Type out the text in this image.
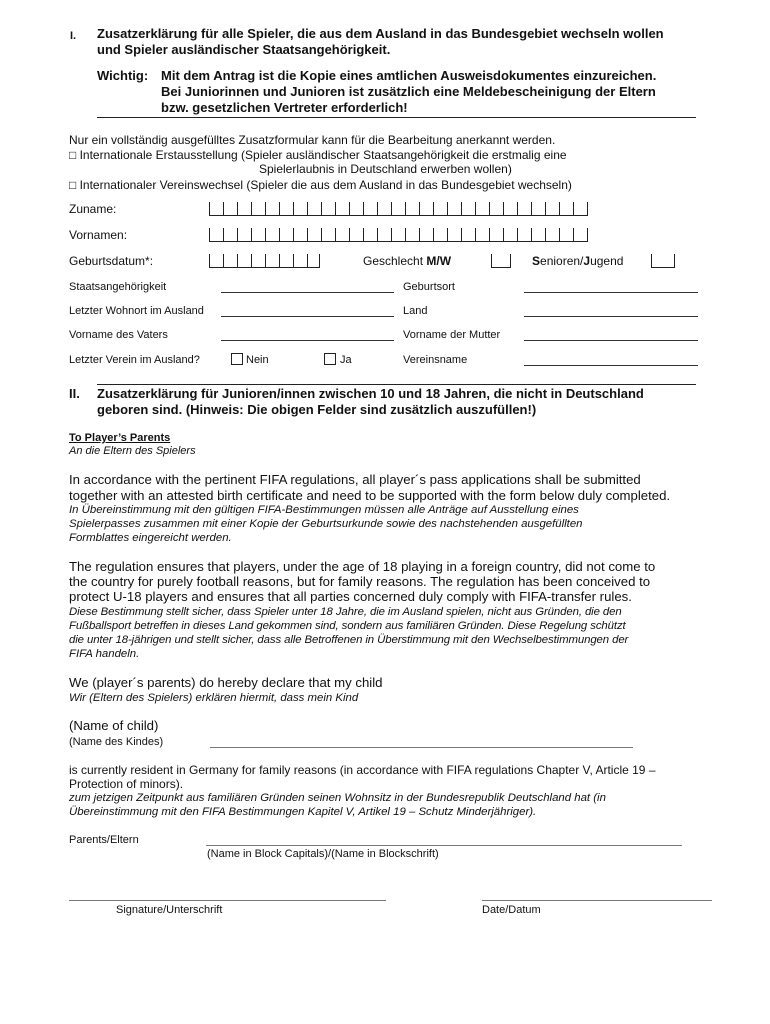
I. Zusatzerklärung für alle Spieler, die aus dem Ausland in das Bundesgebiet wechseln wollen
und Spieler ausländischer Staatsangehörigkeit.
Wichtig: Mit dem Antrag ist die Kopie eines amtlichen Ausweisdokumentes einzureichen.
Bei Juniorinnen und Junioren ist zusätzlich eine Meldebescheinigung der Eltern
bzw. gesetzlichen Vertreter erforderlich!
Nur ein vollständig ausgefülltes Zusatzformular kann für die Bearbeitung anerkannt werden.
□ Internationale Erstausstellung (Spieler ausländischer Staatsangehörigkeit die erstmalig eine
Spielerlaubnis in Deutschland erwerben wollen)
□ Internationaler Vereinswechsel (Spieler die aus dem Ausland in das Bundesgebiet wechseln)
Zuname:
Vornamen:
Geburtsdatum*:	Geschlecht M/W	Senioren/Jugend
Staatsangehörigkeit	Geburtsort
Letzter Wohnort im Ausland	Land
Vorname des Vaters	Vorname der Mutter
Letzter Verein im Ausland?	Nein	Ja	Vereinsname
II. Zusatzerklärung für Junioren/innen zwischen 10 und 18 Jahren, die nicht in Deutschland
geboren sind. (Hinweis: Die obigen Felder sind zusätzlich auszufüllen!)
To Player’s Parents
An die Eltern des Spielers
In accordance with the pertinent FIFA regulations, all player´s pass applications shall be submitted
together with an attested birth certificate and need to be supported with the form below duly completed.
In Übereinstimmung mit den gültigen FIFA-Bestimmungen müssen alle Anträge auf Ausstellung eines
Spielerpasses zusammen mit einer Kopie der Geburtsurkunde sowie des nachstehenden ausgefüllten
Formblattes eingereicht werden.
The regulation ensures that players, under the age of 18 playing in a foreign country, did not come to
the country for purely football reasons, but for family reasons. The regulation has been conceived to
protect U-18 players and ensures that all parties concerned duly comply with FIFA-transfer rules.
Diese Bestimmung stellt sicher, dass Spieler unter 18 Jahre, die im Ausland spielen, nicht aus Gründen, die den
Fußballsport betreffen in dieses Land gekommen sind, sondern aus familiären Gründen. Diese Regelung schützt
die unter 18-jährigen und stellt sicher, dass alle Betroffenen in Überstimmung mit den Wechselbestimmungen der
FIFA handeln.
We (player´s parents) do hereby declare that my child
Wir (Eltern des Spielers) erklären hiermit, dass mein Kind
(Name of child)
(Name des Kindes)
is currently resident in Germany for family reasons (in accordance with FIFA regulations Chapter V, Article 19 –
Protection of minors).
zum jetzigen Zeitpunkt aus familiären Gründen seinen Wohnsitz in der Bundesrepublik Deutschland hat (in
Übereinstimmung mit den FIFA Bestimmungen Kapitel V, Artikel 19 – Schutz Minderjähriger).
Parents/Eltern
(Name in Block Capitals)/(Name in Blockschrift)
Signature/Unterschrift	Date/Datum
